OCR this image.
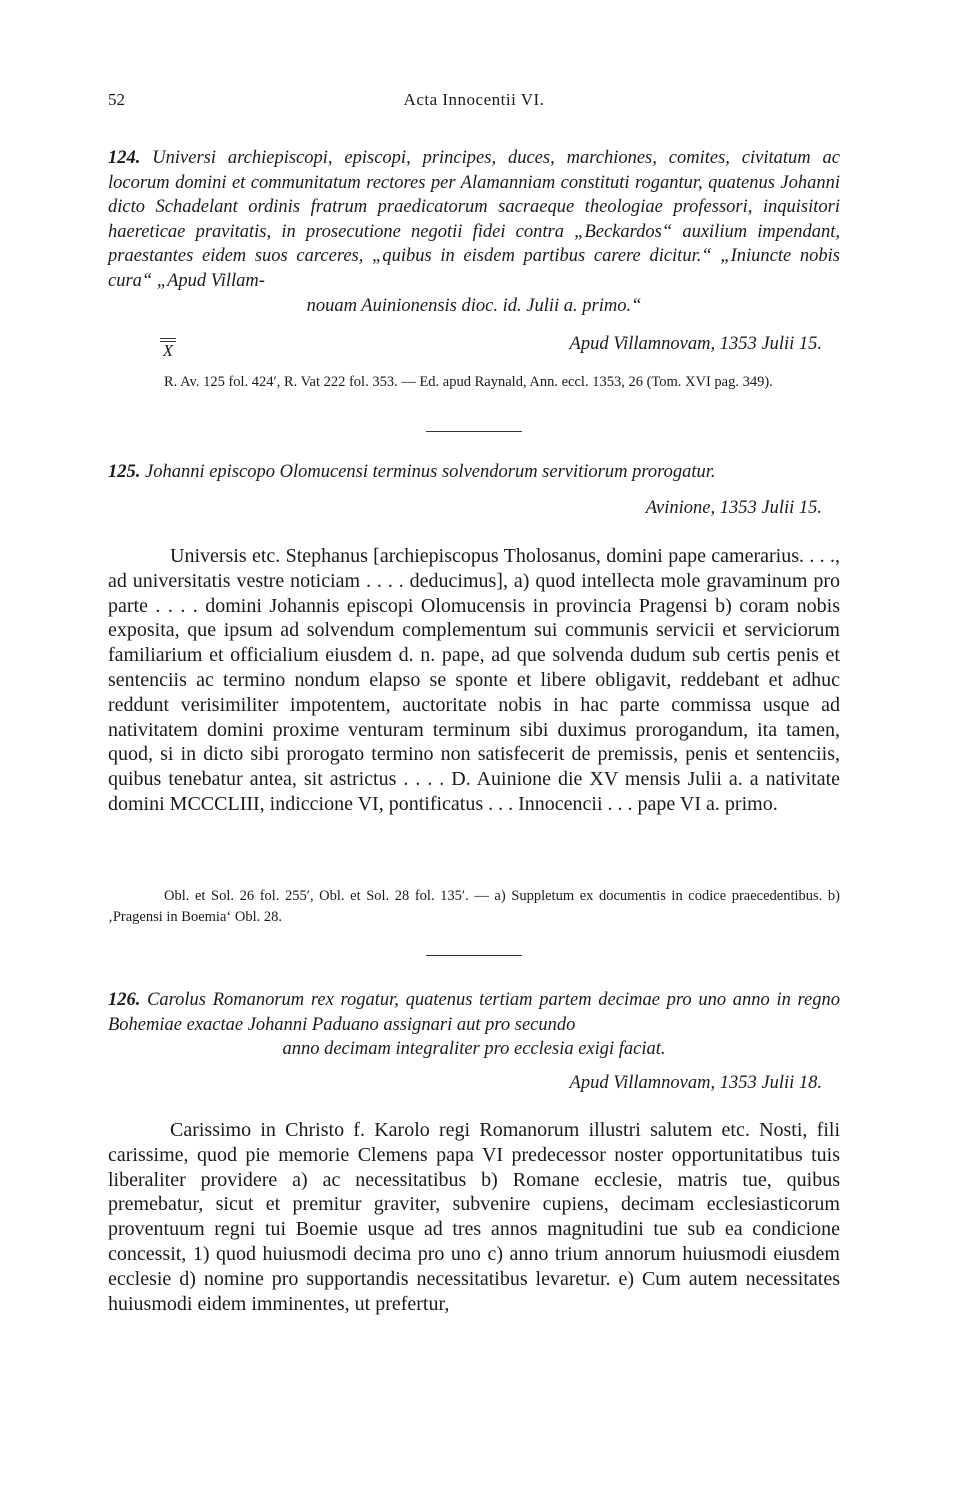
52	Acta Innocentii VI.
124. Universi archiepiscopi, episcopi, principes, duces, marchiones, comites, civitatum ac locorum domini et communitatum rectores per Alamanniam constituti rogantur, quatenus Johanni dicto Schadelant ordinis fratrum praedicatorum sacraeque theologiae professori, inquisitori haereticae pravitatis, in prosecutione negotii fidei contra „Beckardos“ auxilium impendant, praestantes eidem suos carceres, „quibus in eisdem partibus carere dicitur.“ „Iniuncte nobis cura“ „Apud Villam-
nouam Auinionensis dioc. id. Julii a. primo.“
X	Apud Villamnovam, 1353 Julii 15.
R. Av. 125 fol. 424′, R. Vat 222 fol. 353. — Ed. apud Raynald, Ann. eccl. 1353, 26 (Tom. XVI pag. 349).
125. Johanni episcopo Olomucensi terminus solvendorum servitiorum prorogatur.
Avinione, 1353 Julii 15.
Universis etc. Stephanus [archiepiscopus Tholosanus, domini pape camerarius. . . ., ad universitatis vestre noticiam . . . . deducimus], a) quod intellecta mole gravaminum pro parte . . . . domini Johannis episcopi Olomucensis in provincia Pragensi b) coram nobis exposita, que ipsum ad solvendum complementum sui communis servicii et serviciorum familiarium et officialium eiusdem d. n. pape, ad que solvenda dudum sub certis penis et sentenciis ac termino nondum elapso se sponte et libere obligavit, reddebant et adhuc reddunt verisimiliter impotentem, auctoritate nobis in hac parte commissa usque ad nativitatem domini proxime venturam terminum sibi duximus prorogandum, ita tamen, quod, si in dicto sibi prorogato termino non satisfecerit de premissis, penis et sentenciis, quibus tenebatur antea, sit astrictus . . . . D. Auinione die XV mensis Julii a. a nativitate domini MCCCLIII, indiccione VI, pontificatus . . . Innocencii . . . pape VI a. primo.
Obl. et Sol. 26 fol. 255′, Obl. et Sol. 28 fol. 135′. — a) Suppletum ex documentis in codice praecedentibus. b) ‚Pragensi in Boemia‘ Obl. 28.
126. Carolus Romanorum rex rogatur, quatenus tertiam partem decimae pro uno anno in regno Bohemiae exactae Johanni Paduano assignari aut pro secundo
anno decimam integraliter pro ecclesia exigi faciat.
Apud Villamnovam, 1353 Julii 18.
Carissimo in Christo f. Karolo regi Romanorum illustri salutem etc. Nosti, fili carissime, quod pie memorie Clemens papa VI predecessor noster opportunitatibus tuis liberaliter providere a) ac necessitatibus b) Romane ecclesie, matris tue, quibus premebatur, sicut et premitur graviter, subvenire cupiens, decimam ecclesiasticorum proventuum regni tui Boemie usque ad tres annos magnitudini tue sub ea condicione concessit, 1) quod huiusmodi decima pro uno c) anno trium annorum huiusmodi eiusdem ecclesie d) nomine pro supportandis necessitatibus levaretur. e) Cum autem necessitates huiusmodi eidem imminentes, ut prefertur,
